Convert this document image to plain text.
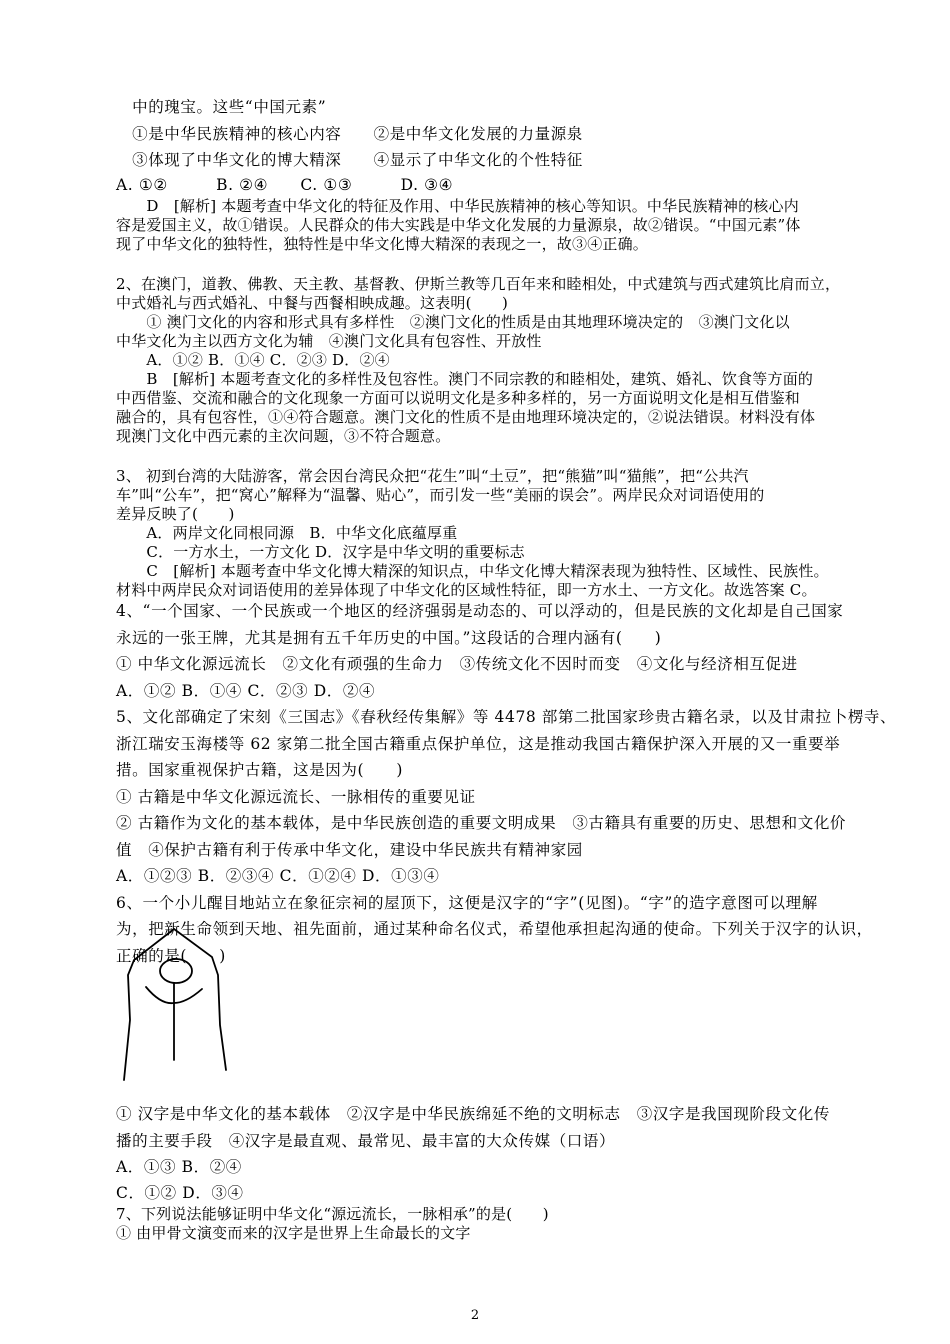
　中的瑰宝。这些“中国元素”
　①是中华民族精神的核心内容　　②是中华文化发展的力量源泉
　③体现了中华文化的博大精深　　④显示了中华文化的个性特征
A. ①②　　　B. ②④　　C. ①③　　　D. ③④
　　D　[解析] 本题考查中华文化的特征及作用、中华民族精神的核心等知识。中华民族精神的核心内
容是爱国主义，故①错误。人民群众的伟大实践是中华文化发展的力量源泉，故②错误。“中国元素”体
现了中华文化的独特性，独特性是中华文化博大精深的表现之一，故③④正确。
2、在澳门，道教、佛教、天主教、基督教、伊斯兰教等几百年来和睦相处，中式建筑与西式建筑比肩而立，
中式婚礼与西式婚礼、中餐与西餐相映成趣。这表明(　　)
　　① 澳门文化的内容和形式具有多样性　②澳门文化的性质是由其地理环境决定的　③澳门文化以
中华文化为主以西方文化为辅　④澳门文化具有包容性、开放性
　　A．①② B．①④ C．②③ D．②④
　　B　[解析] 本题考查文化的多样性及包容性。澳门不同宗教的和睦相处，建筑、婚礼、饮食等方面的
中西借鉴、交流和融合的文化现象一方面可以说明文化是多种多样的，另一方面说明文化是相互借鉴和
融合的，具有包容性，①④符合题意。澳门文化的性质不是由地理环境决定的，②说法错误。材料没有体
现澳门文化中西元素的主次问题，③不符合题意。
3、 初到台湾的大陆游客，常会因台湾民众把“花生”叫“土豆”，把“熊猫”叫“猫熊”，把“公共汽
车”叫“公车”，把“窝心”解释为“温馨、贴心”，而引发一些“美丽的误会”。两岸民众对词语使用的
差异反映了(　　)
　　A．两岸文化同根同源　B．中华文化底蕴厚重
　　C．一方水土，一方文化 D．汉字是中华文明的重要标志
　　C　[解析] 本题考查中华文化博大精深的知识点，中华文化博大精深表现为独特性、区域性、民族性。
材料中两岸民众对词语使用的差异体现了中华文化的区域性特征，即一方水土、一方文化。故选答案 C。
4、“一个国家、一个民族或一个地区的经济强弱是动态的、可以浮动的，但是民族的文化却是自己国家
永远的一张王牌，尤其是拥有五千年历史的中国。”这段话的合理内涵有(　　)
① 中华文化源远流长　②文化有顽强的生命力　③传统文化不因时而变　④文化与经济相互促进
A．①② B．①④ C．②③ D．②④
5、文化部确定了宋刻《三国志》《春秋经传集解》等 4478 部第二批国家珍贵古籍名录，以及甘肃拉卜楞寺、
浙江瑞安玉海楼等 62 家第二批全国古籍重点保护单位，这是推动我国古籍保护深入开展的又一重要举
措。国家重视保护古籍，这是因为(　　)
① 古籍是中华文化源远流长、一脉相传的重要见证
② 古籍作为文化的基本载体，是中华民族创造的重要文明成果　③古籍具有重要的历史、思想和文化价
值　④保护古籍有利于传承中华文化，建设中华民族共有精神家园
A．①②③ B．②③④ C．①②④ D．①③④
6、一个小儿醒目地站立在象征宗祠的屋顶下，这便是汉字的“字”(见图)。“字”的造字意图可以理解
为，把新生命领到天地、祖先面前，通过某种命名仪式，希望他承担起沟通的使命。下列关于汉字的认识，
正确的是(　　)
① 汉字是中华文化的基本载体　②汉字是中华民族绵延不绝的文明标志　③汉字是我国现阶段文化传
播的主要手段　④汉字是最直观、最常见、最丰富的大众传媒（口语）
A．①③ B．②④
C．①② D．③④
7、下列说法能够证明中华文化“源远流长，一脉相承”的是(　　)
① 由甲骨文演变而来的汉字是世界上生命最长的文字
2
